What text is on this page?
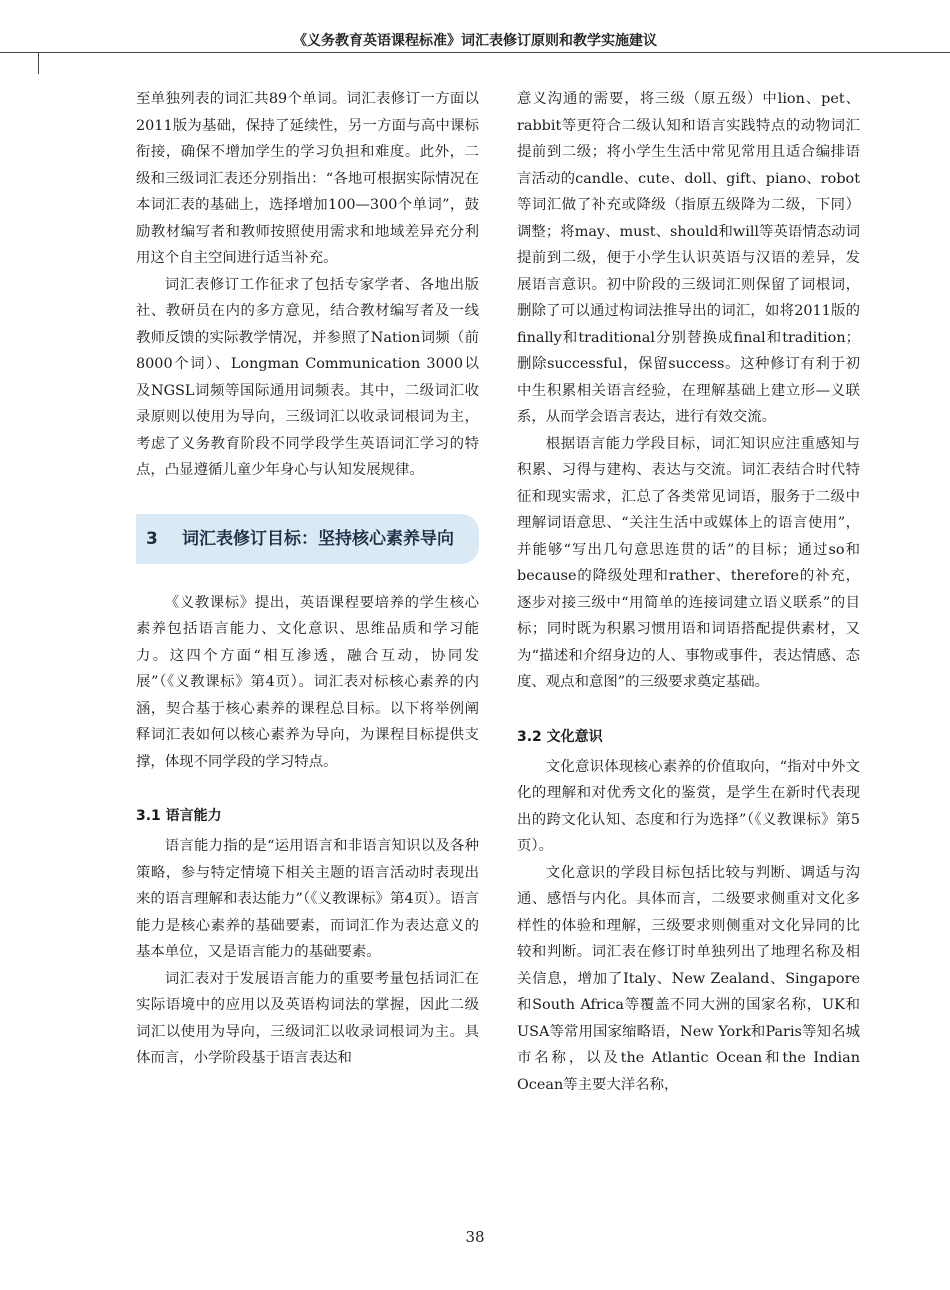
《义务教育英语课程标准》词汇表修订原则和教学实施建议

至单独列表的词汇共89个单词。词汇表修订一方面以2011版为基础，保持了延续性，另一方面与高中课标衔接，确保不增加学生的学习负担和难度。此外，二级和三级词汇表还分别指出：“各地可根据实际情况在本词汇表的基础上，选择增加100—300个单词”，鼓励教材编写者和教师按照使用需求和地域差异充分利用这个自主空间进行适当补充。

词汇表修订工作征求了包括专家学者、各地出版社、教研员在内的多方意见，结合教材编写者及一线教师反馈的实际教学情况，并参照了Nation词频（前8000个词）、Longman Communication 3000以及NGSL词频等国际通用词频表。其中，二级词汇收录原则以使用为导向，三级词汇以收录词根词为主，考虑了义务教育阶段不同学段学生英语词汇学习的特点，凸显遵循儿童少年身心与认知发展规律。

3 词汇表修订目标：坚持核心素养导向

《义教课标》提出，英语课程要培养的学生核心素养包括语言能力、文化意识、思维品质和学习能力。这四个方面“相互渗透，融合互动，协同发展”（《义教课标》第4页）。词汇表对标核心素养的内涵，契合基于核心素养的课程总目标。以下将举例阐释词汇表如何以核心素养为导向，为课程目标提供支撑，体现不同学段的学习特点。

3.1 语言能力

语言能力指的是“运用语言和非语言知识以及各种策略，参与特定情境下相关主题的语言活动时表现出来的语言理解和表达能力”（《义教课标》第4页）。语言能力是核心素养的基础要素，而词汇作为表达意义的基本单位，又是语言能力的基础要素。

词汇表对于发展语言能力的重要考量包括词汇在实际语境中的应用以及英语构词法的掌握，因此二级词汇以使用为导向，三级词汇以收录词根词为主。具体而言，小学阶段基于语言表达和

意义沟通的需要，将三级（原五级）中lion、pet、rabbit等更符合二级认知和语言实践特点的动物词汇提前到二级；将小学生生活中常见常用且适合编排语言活动的candle、cute、doll、gift、piano、robot等词汇做了补充或降级（指原五级降为二级，下同）调整；将may、must、should和will等英语情态动词提前到二级，便于小学生认识英语与汉语的差异，发展语言意识。初中阶段的三级词汇则保留了词根词，删除了可以通过构词法推导出的词汇，如将2011版的finally和traditional分别替换成final和tradition；删除successful，保留success。这种修订有利于初中生积累相关语言经验，在理解基础上建立形—义联系，从而学会语言表达，进行有效交流。

根据语言能力学段目标，词汇知识应注重感知与积累、习得与建构、表达与交流。词汇表结合时代特征和现实需求，汇总了各类常见词语，服务于二级中理解词语意思、“关注生活中或媒体上的语言使用”，并能够“写出几句意思连贯的话”的目标；通过so和because的降级处理和rather、therefore的补充，逐步对接三级中“用简单的连接词建立语义联系”的目标；同时既为积累习惯用语和词语搭配提供素材，又为“描述和介绍身边的人、事物或事件，表达情感、态度、观点和意图”的三级要求奠定基础。

3.2 文化意识

文化意识体现核心素养的价值取向，“指对中外文化的理解和对优秀文化的鉴赏，是学生在新时代表现出的跨文化认知、态度和行为选择”（《义教课标》第5页）。

文化意识的学段目标包括比较与判断、调适与沟通、感悟与内化。具体而言，二级要求侧重对文化多样性的体验和理解，三级要求则侧重对文化异同的比较和判断。词汇表在修订时单独列出了地理名称及相关信息，增加了Italy、New Zealand、Singapore和South Africa等覆盖不同大洲的国家名称，UK和USA等常用国家缩略语，New York和Paris等知名城市名称，以及the Atlantic Ocean和the Indian Ocean等主要大洋名称，

38
